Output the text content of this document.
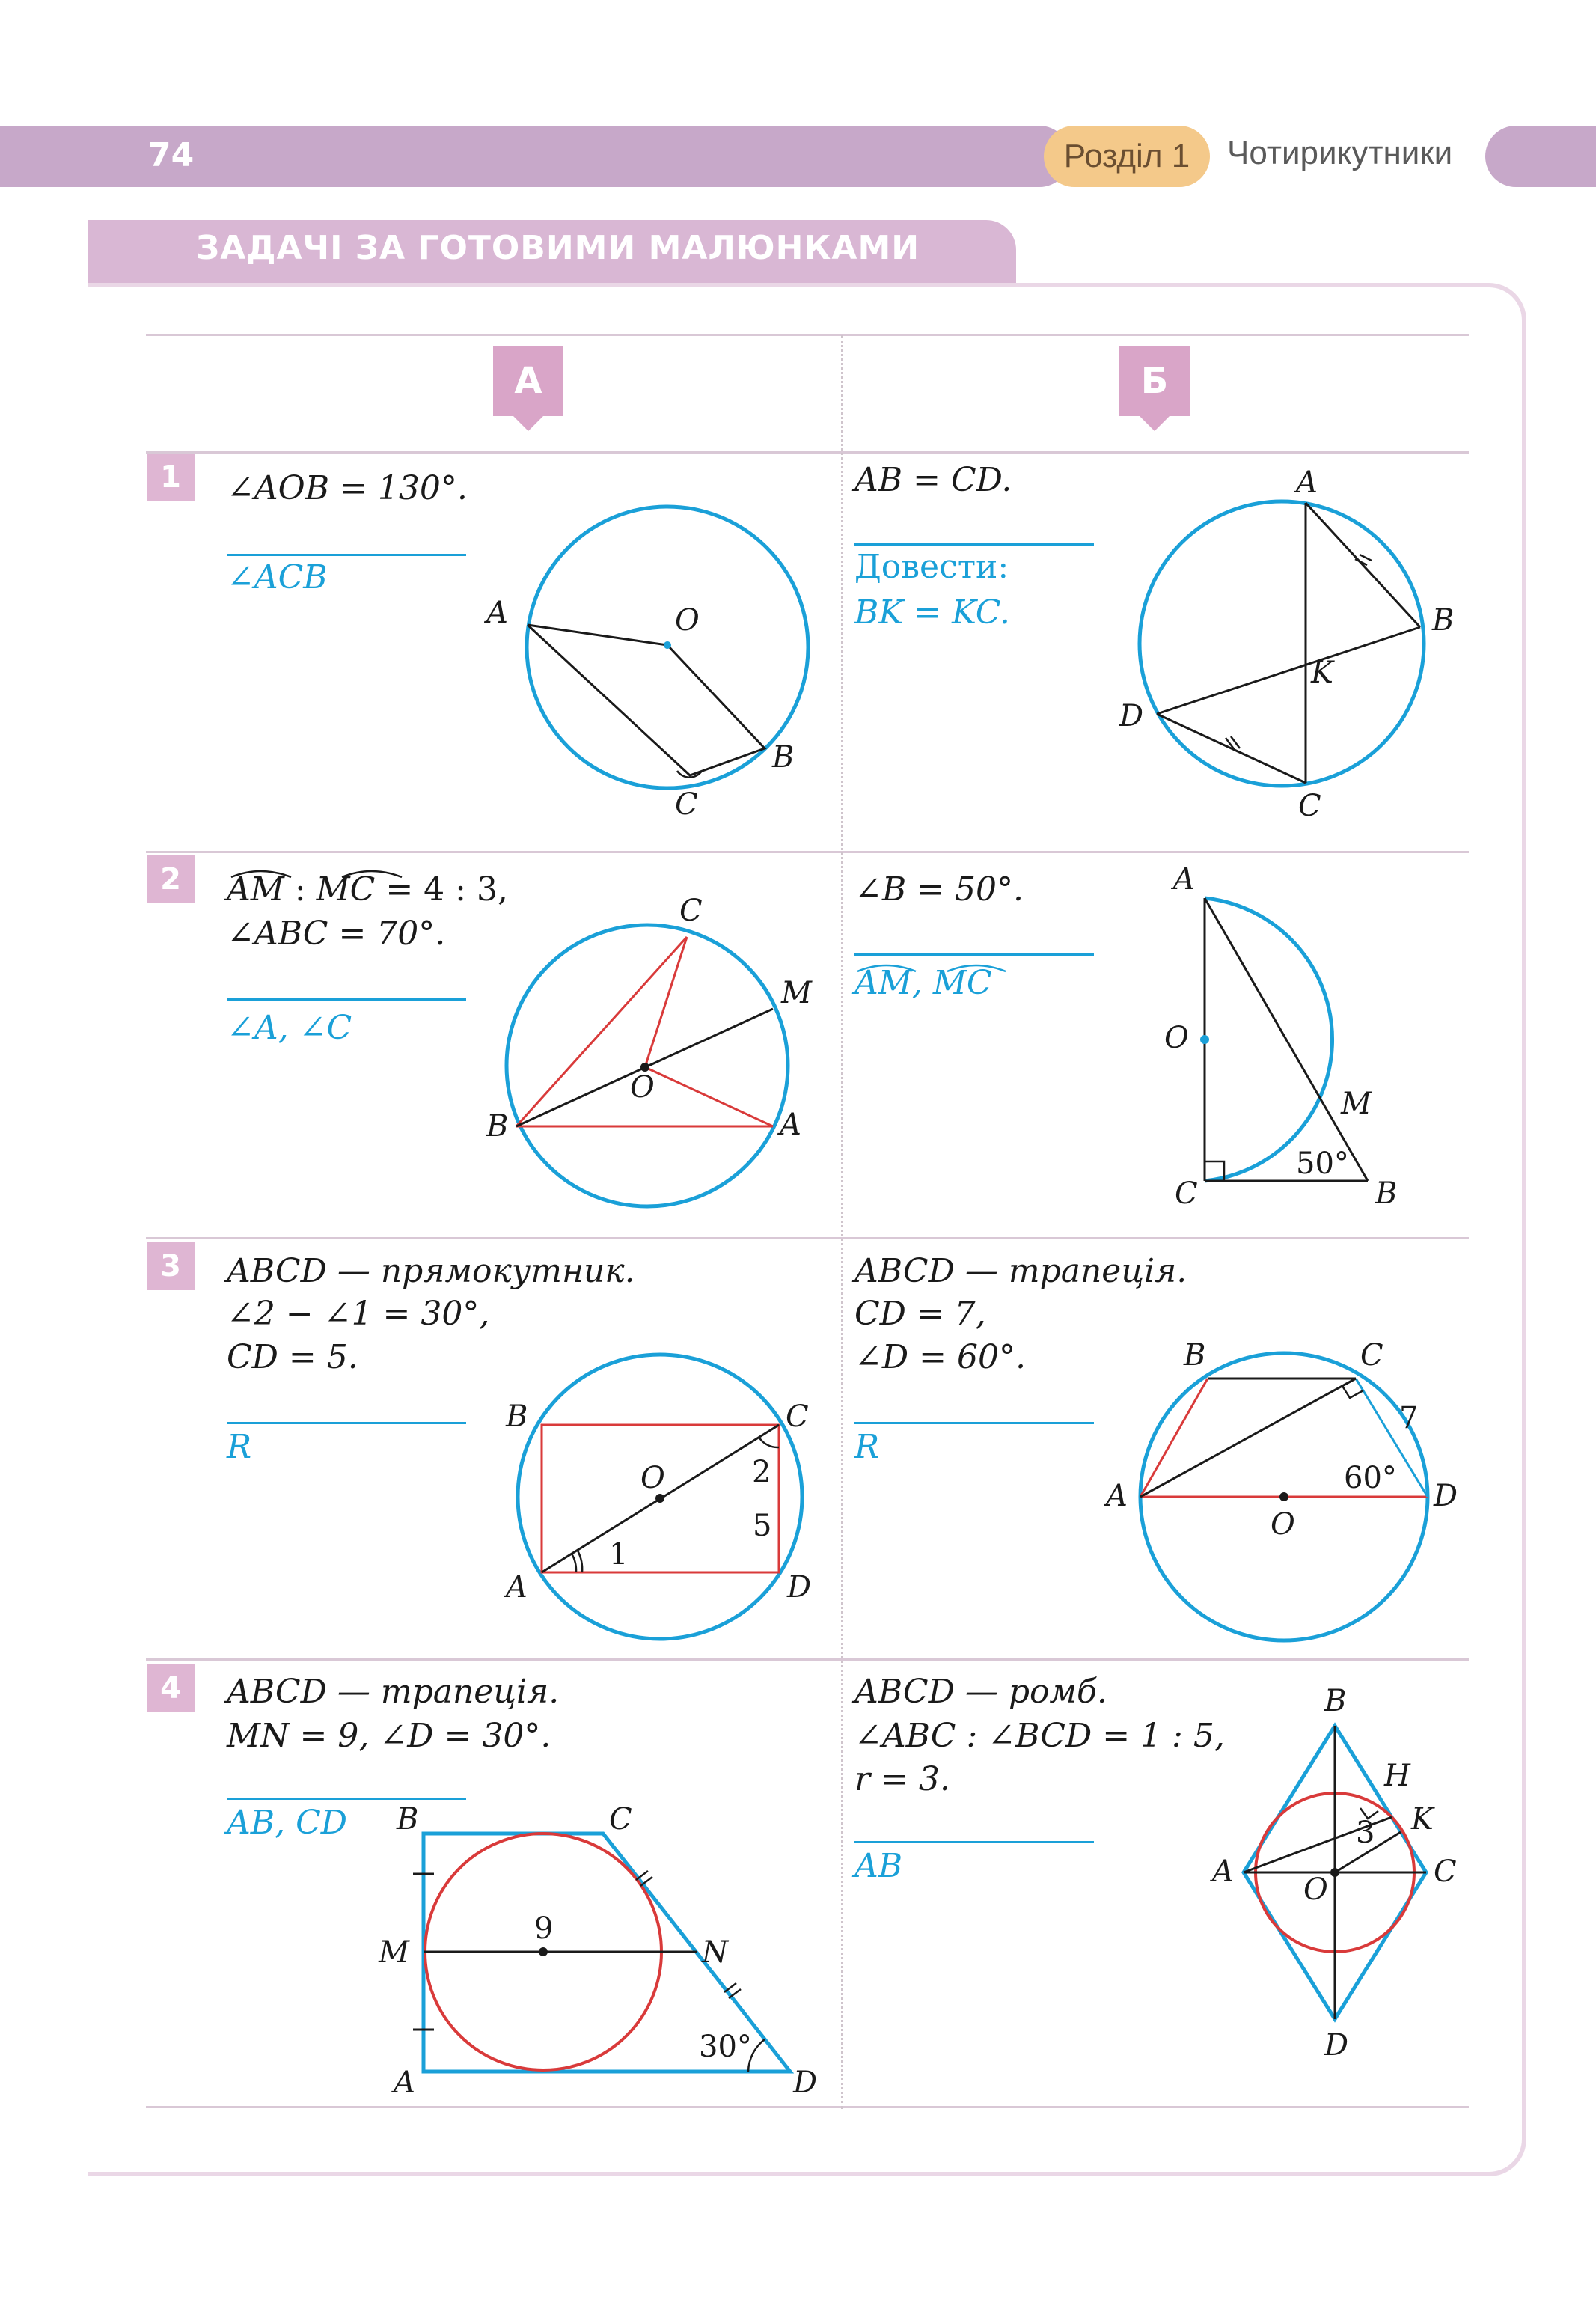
74	Розділ 1	Чотирикутники
ЗАДАЧІ ЗА ГОТОВИМИ МАЛЮНКАМИ
А	Б
1	∠AOB = 130°.
∠ACB
AB = CD.
Довести:
BK = KC.
A	O
B
C
A
B
C
D
K
2	AM : MC = 4 : 3,
∠ABC = 70°.
∠A, ∠C
∠B = 50°.
AM, MC
C
M
B	A
O
A
O
M
C	B
50°
3	ABCD — прямокутник.
∠2 − ∠1 = 30°,
CD = 5.
R
ABCD — трапеція.
CD = 7,
∠D = 60°.
R
B	C
A	D
O
1
2
5
B	C
A	D
O
7
60°
4	ABCD — трапеція.
MN = 9, ∠D = 30°.
AB, CD
ABCD — ромб.
∠ABC : ∠BCD = 1 : 5,
r = 3.
AB
B	C
M	N
A	D
9
30°
B
H
K
A	C
O
D
3
